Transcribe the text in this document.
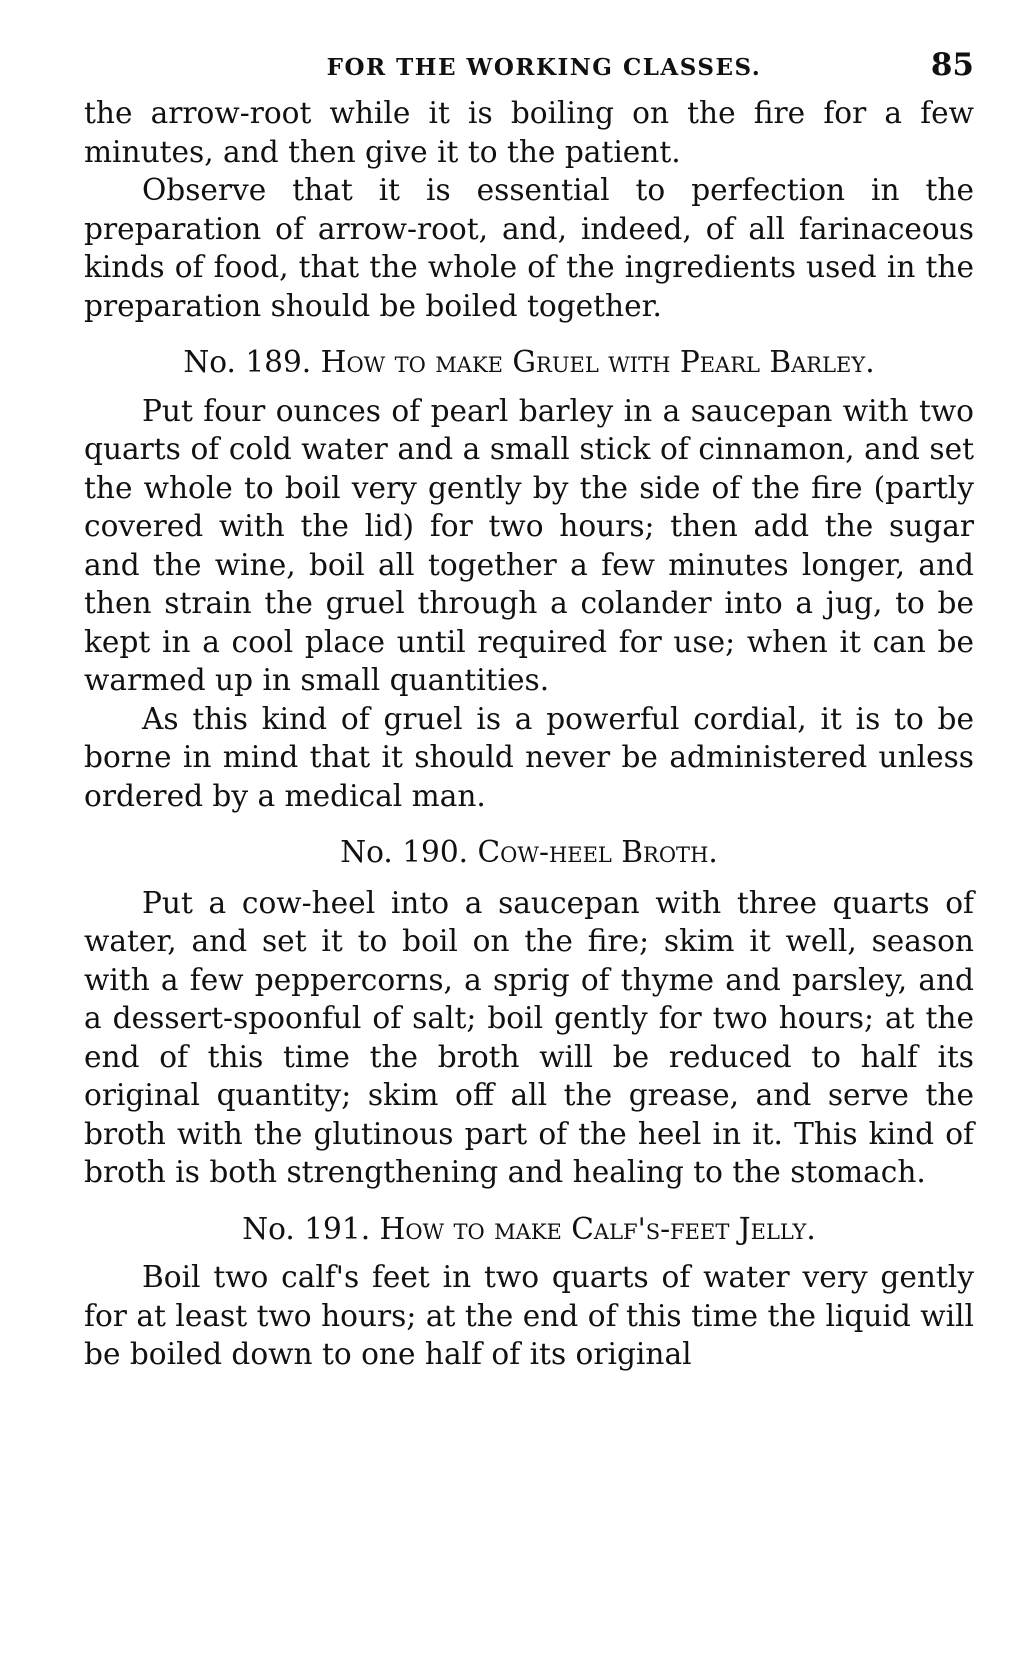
FOR THE WORKING CLASSES.	85

the arrow-root while it is boiling on the fire for a few minutes, and then give it to the patient.

Observe that it is essential to perfection in the preparation of arrow-root, and, indeed, of all farinaceous kinds of food, that the whole of the ingredients used in the preparation should be boiled together.

No. 189. How to make Gruel with Pearl Barley.

Put four ounces of pearl barley in a saucepan with two quarts of cold water and a small stick of cinnamon, and set the whole to boil very gently by the side of the fire (partly covered with the lid) for two hours; then add the sugar and the wine, boil all together a few minutes longer, and then strain the gruel through a colander into a jug, to be kept in a cool place until required for use; when it can be warmed up in small quantities.

As this kind of gruel is a powerful cordial, it is to be borne in mind that it should never be administered unless ordered by a medical man.

No. 190. Cow-heel Broth.

Put a cow-heel into a saucepan with three quarts of water, and set it to boil on the fire; skim it well, season with a few peppercorns, a sprig of thyme and parsley, and a dessert-spoonful of salt; boil gently for two hours; at the end of this time the broth will be reduced to half its original quantity; skim off all the grease, and serve the broth with the glutinous part of the heel in it. This kind of broth is both strengthening and healing to the stomach.

No. 191. How to make Calf's-feet Jelly.

Boil two calf's feet in two quarts of water very gently for at least two hours; at the end of this time the liquid will be boiled down to one half of its original
